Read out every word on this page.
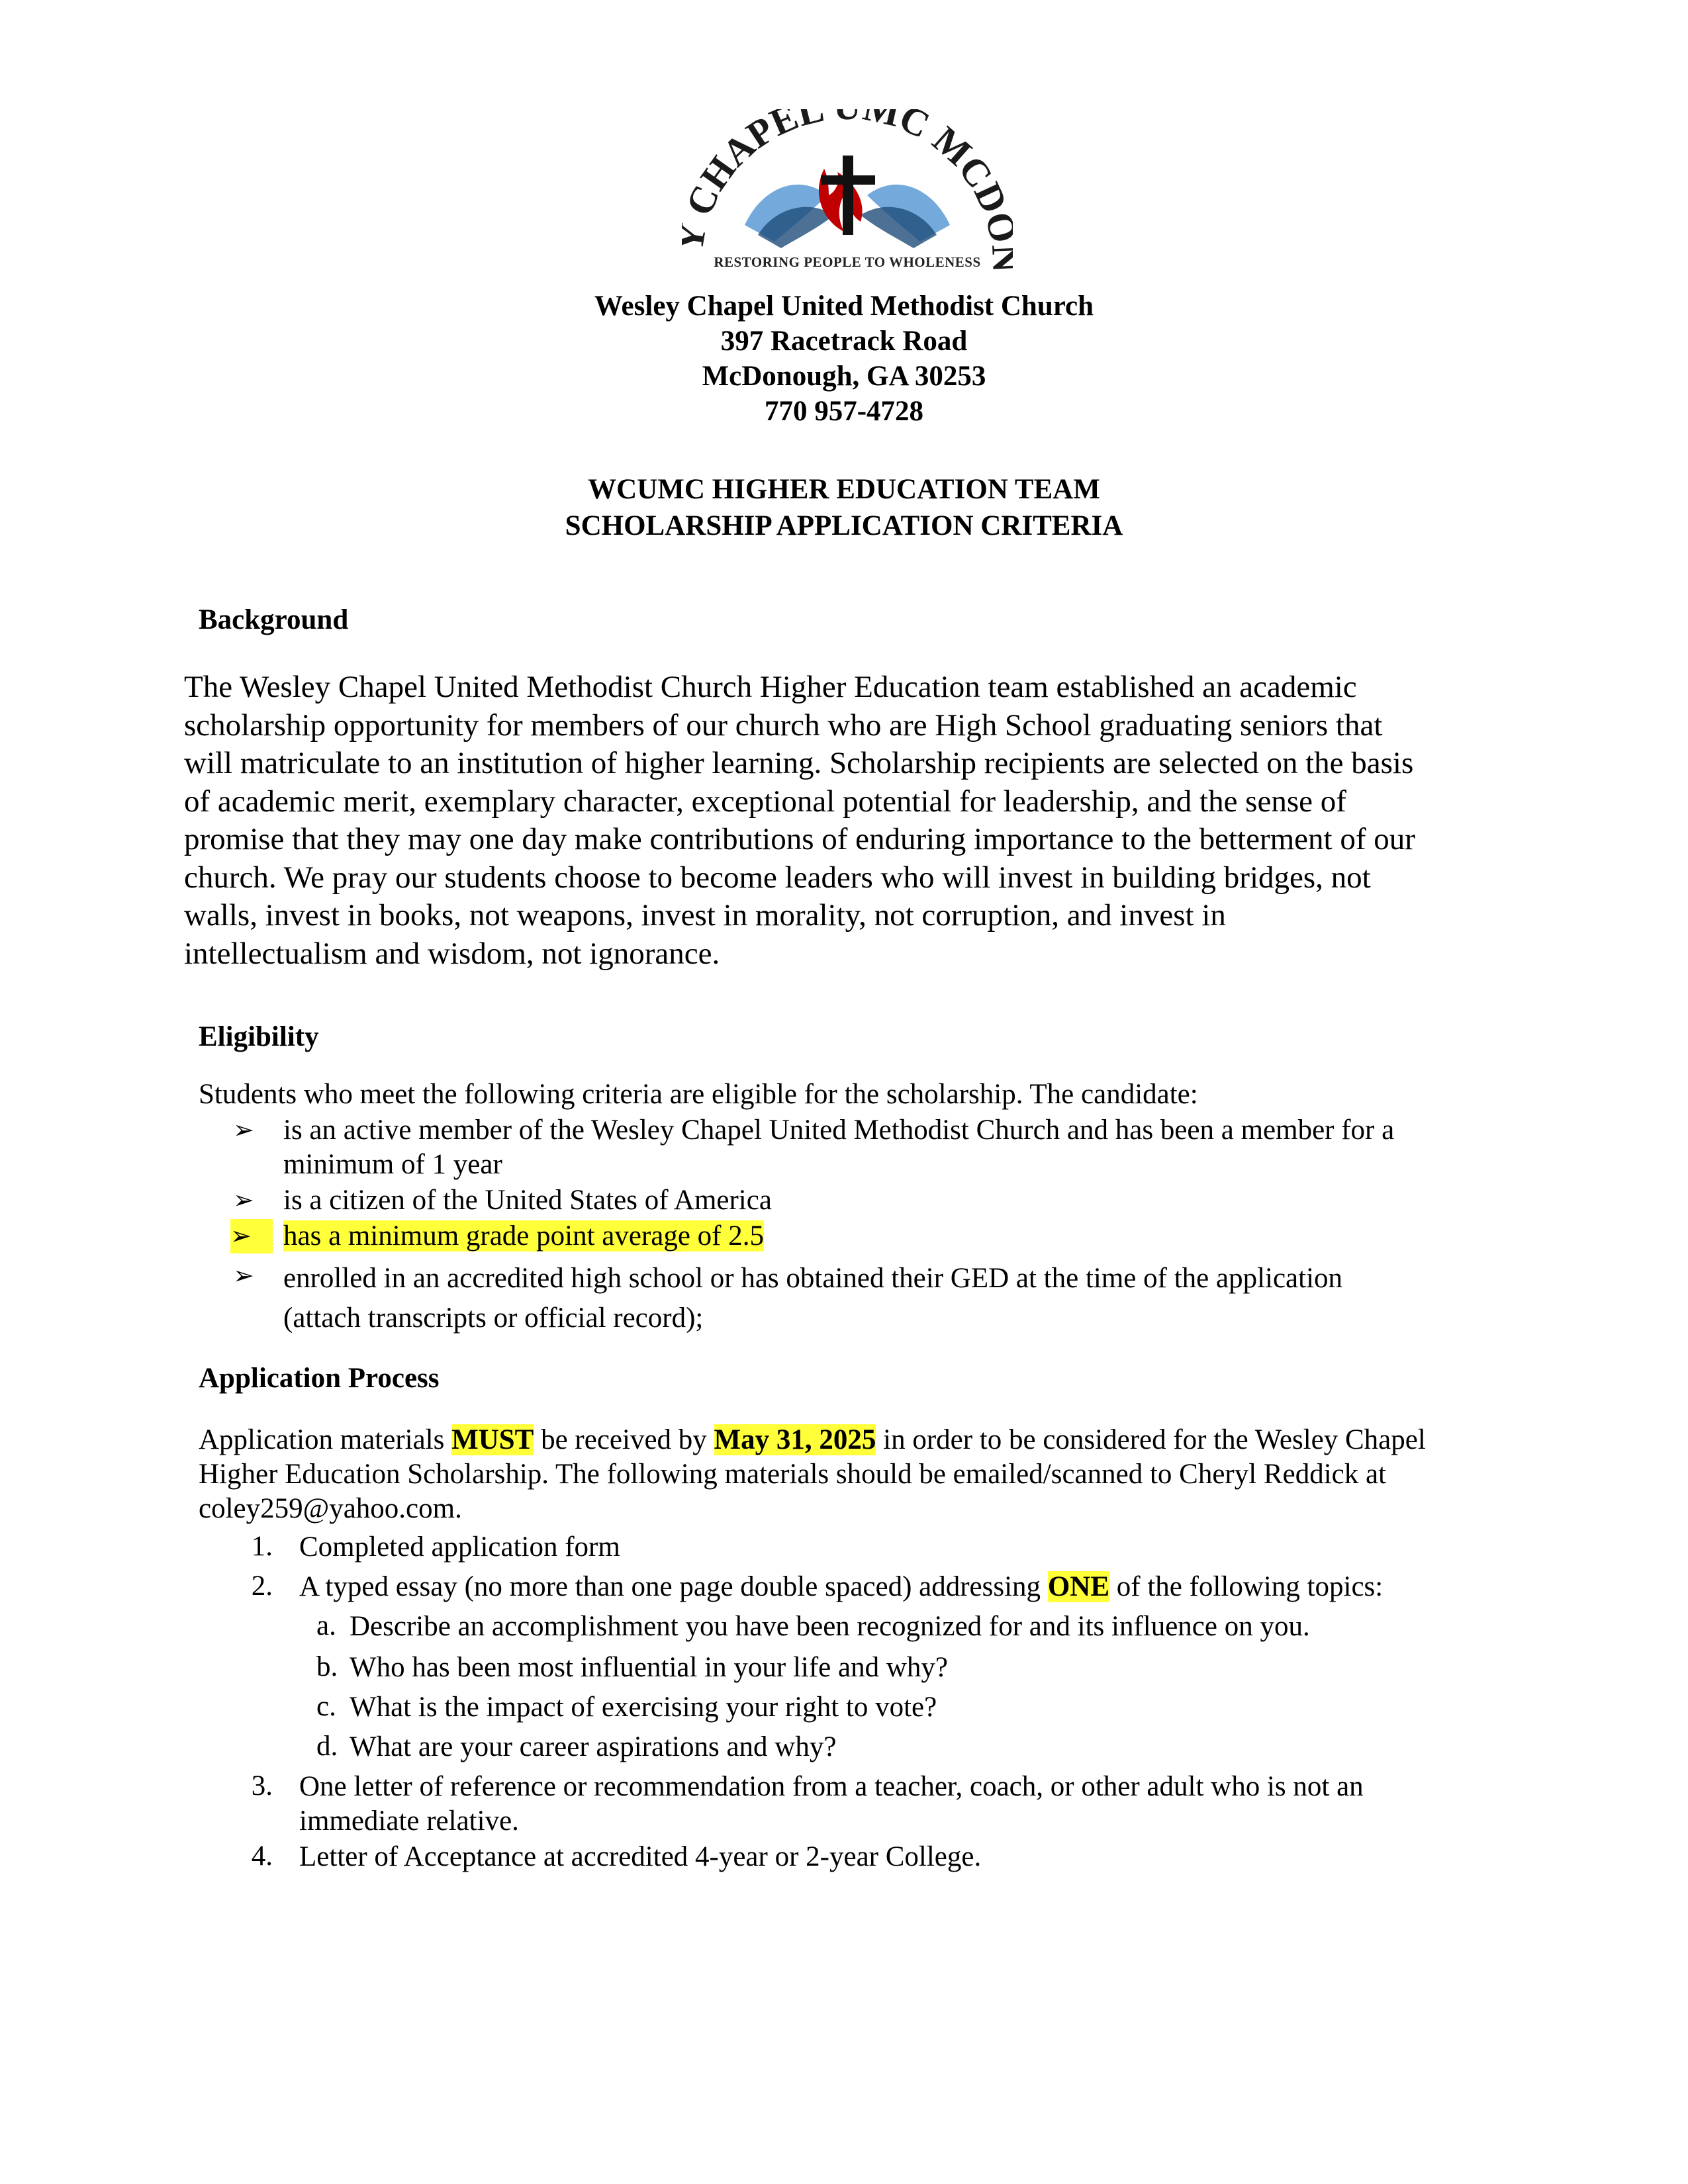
CHAPEL MC MCD
RESTORING PEOPLE TO WHOLENESS
Wesley Chapel United Methodist Church
397 Racetrack Road
McDonough, GA 30253
770 957-4728
WCUMC HIGHER EDUCATION TEAM
SCHOLARSHIP APPLICATION CRITERIA
Background
The Wesley Chapel United Methodist Church Higher Education team established an academic
scholarship opportunity for members of our church who are High School graduating seniors that
will matriculate to an institution of higher learning. Scholarship recipients are selected on the basis
of academic merit, exemplary character, exceptional potential for leadership, and the sense of
promise that they may one day make contributions of enduring importance to the betterment of our
church. We pray our students choose to become leaders who will invest in building bridges, not
walls, invest in books, not weapons, invest in morality, not corruption, and invest in
intellectualism and wisdom, not ignorance.
Eligibility
Students who meet the following criteria are eligible for the scholarship. The candidate:
➢ is an active member of the Wesley Chapel United Methodist Church and has been a member for a
minimum of 1 year
➢ is a citizen of the United States of America
➢	has a minimum grade point average of 2.5
➢ enrolled in an accredited high school or has obtained their GED at the time of the application
(attach transcripts or official record);
Application Process
Application materials MUST be received by May 31, 2025 in order to be considered for the Wesley Chapel
Higher Education Scholarship. The following materials should be emailed/scanned to Cheryl Reddick at
coley259@yahoo.com.
1. Completed application form
2. A typed essay (no more than one page double spaced) addressing ONE of the following topics:
a. Describe an accomplishment you have been recognized for and its influence on you.
b. Who has been most influential in your life and why?
c. What is the impact of exercising your right to vote?
d. What are your career aspirations and why?
3. One letter of reference or recommendation from a teacher, coach, or other adult who is not an
immediate relative.
4. Letter of Acceptance at accredited 4-year or 2-year College.
